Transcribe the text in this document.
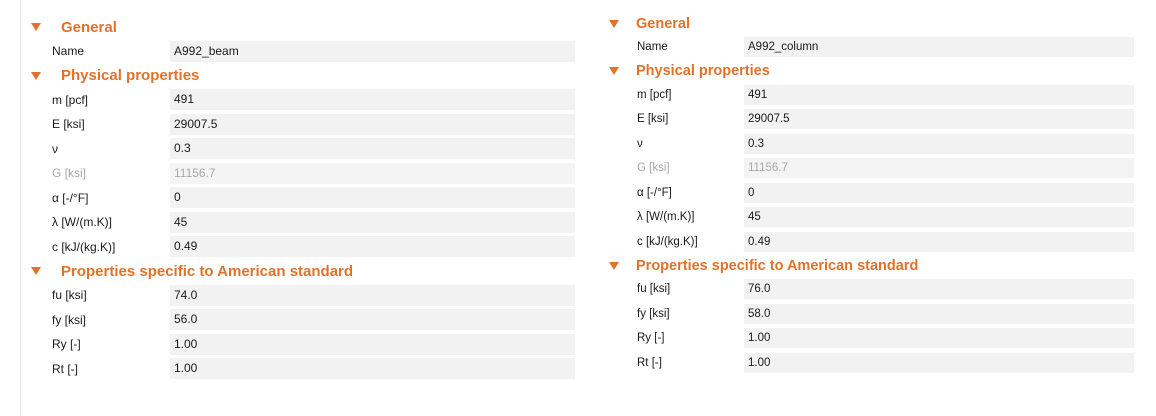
General
Name	A992_beam
Physical properties
m [pcf]	491
E [ksi]	29007.5
ν	0.3
G [ksi]	11156.7
α [-/°F]	0
λ [W/(m.K)]	45
c [kJ/(kg.K)]	0.49
Properties specific to American standard
fu [ksi]	74.0
fy [ksi]	56.0
Ry [-]	1.00
Rt [-]	1.00
General
Name	A992_column
Physical properties
m [pcf]	491
E [ksi]	29007.5
ν	0.3
G [ksi]	11156.7
α [-/°F]	0
λ [W/(m.K)]	45
c [kJ/(kg.K)]	0.49
Properties specific to American standard
fu [ksi]	76.0
fy [ksi]	58.0
Ry [-]	1.00
Rt [-]	1.00
